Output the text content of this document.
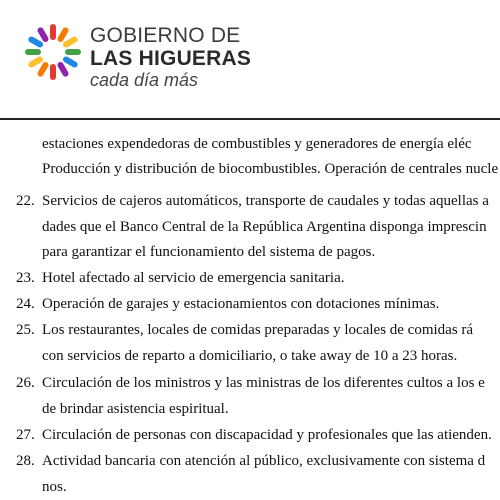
GOBIERNO DE
LAS HIGUERAS
cada día más
estaciones expendedoras de combustibles y generadores de energía eléc
Producción y distribución de biocombustibles. Operación de centrales nucle
22. Servicios de cajeros automáticos, transporte de caudales y todas aquellas a
dades que el Banco Central de la República Argentina disponga imprescin
para garantizar el funcionamiento del sistema de pagos.
23. Hotel afectado al servicio de emergencia sanitaria.
24. Operación de garajes y estacionamientos con dotaciones mínimas.
25. Los restaurantes, locales de comidas preparadas y locales de comidas rá
con servicios de reparto a domiciliario, o take away de 10 a 23 horas.
26. Circulación de los ministros y las ministras de los diferentes cultos a los e
de brindar asistencia espiritual.
27. Circulación de personas con discapacidad y profesionales que las atienden.
28. Actividad bancaria con atención al público, exclusivamente con sistema d
nos.
